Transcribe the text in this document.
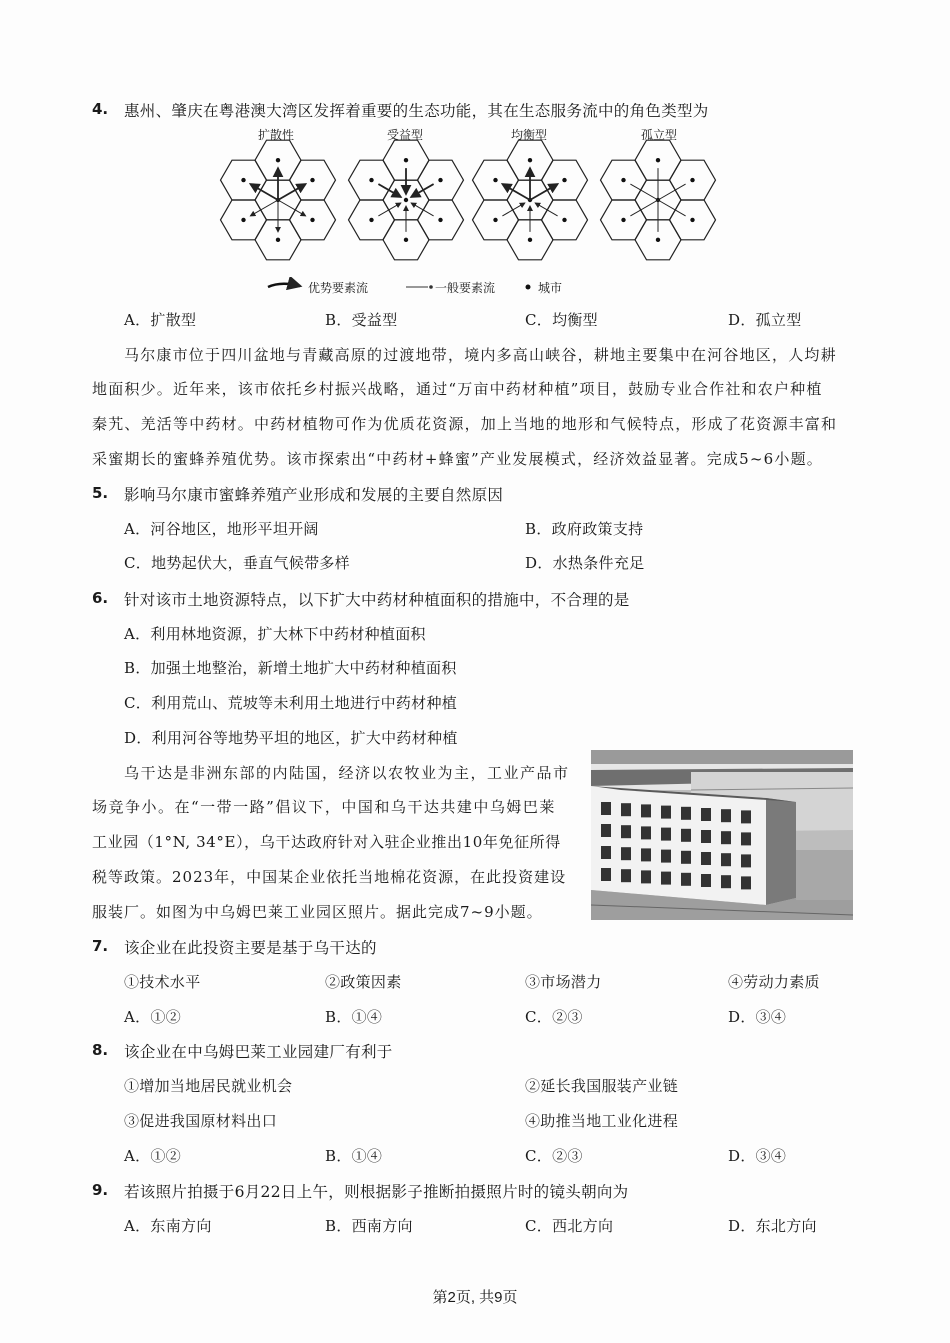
4. 惠州、肇庆在粤港澳大湾区发挥着重要的生态功能，其在生态服务流中的角色类型为
扩散性	受益型	均衡型	孤立型
优势要素流	一般要素流	城市
A．扩散型	B．受益型	C．均衡型	D．孤立型
马尔康市位于四川盆地与青藏高原的过渡地带，境内多高山峡谷，耕地主要集中在河谷地区，人均耕
地面积少。近年来，该市依托乡村振兴战略，通过“万亩中药材种植”项目，鼓励专业合作社和农户种植
秦艽、羌活等中药材。中药材植物可作为优质花资源，加上当地的地形和气候特点，形成了花资源丰富和
采蜜期长的蜜蜂养殖优势。该市探索出“中药材+蜂蜜”产业发展模式，经济效益显著。完成5~6小题。
5. 影响马尔康市蜜蜂养殖产业形成和发展的主要自然原因
A．河谷地区，地形平坦开阔	B．政府政策支持
C．地势起伏大，垂直气候带多样	D．水热条件充足
6. 针对该市土地资源特点，以下扩大中药材种植面积的措施中，不合理的是
A．利用林地资源，扩大林下中药材种植面积
B．加强土地整治，新增土地扩大中药材种植面积
C．利用荒山、荒坡等未利用土地进行中药材种植
D．利用河谷等地势平坦的地区，扩大中药材种植
乌干达是非洲东部的内陆国，经济以农牧业为主，工业产品市
场竞争小。在“一带一路”倡议下，中国和乌干达共建中乌姆巴莱
工业园（1°N, 34°E），乌干达政府针对入驻企业推出10年免征所得
税等政策。2023年，中国某企业依托当地棉花资源，在此投资建设
服装厂。如图为中乌姆巴莱工业园区照片。据此完成7~9小题。
7. 该企业在此投资主要是基于乌干达的
①技术水平	②政策因素	③市场潜力	④劳动力素质
A．①②	B．①④	C．②③	D．③④
8. 该企业在中乌姆巴莱工业园建厂有利于
①增加当地居民就业机会	②延长我国服装产业链
③促进我国原材料出口	④助推当地工业化进程
A．①②	B．①④	C．②③	D．③④
9. 若该照片拍摄于6月22日上午，则根据影子推断拍摄照片时的镜头朝向为
A．东南方向	B．西南方向	C．西北方向	D．东北方向
第2页, 共9页
